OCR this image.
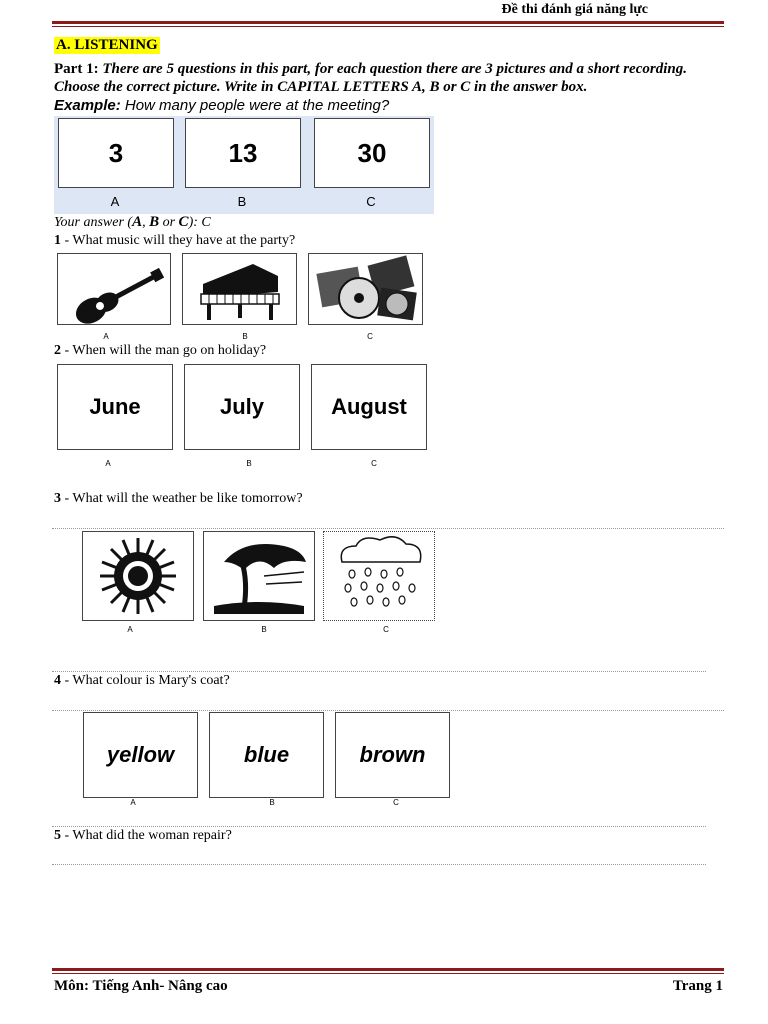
Đề thi đánh giá năng lực
A. LISTENING
Part 1: There are 5 questions in this part, for each question there are 3 pictures and a short recording. Choose the correct picture. Write in CAPITAL LETTERS A, B or C in the answer box.
Example: How many people were at the meeting?
3	13	30
A	B	C
Your answer (A, B or C): C
1 - What music will they have at the party?
A	B	C
2 - When will the man go on holiday?
June	July	August
A	B	C
3 - What will the weather be like tomorrow?
A	B	C
4 - What colour is Mary's coat?
yellow	blue	brown
A	B	C
5 - What did the woman repair?
Môn: Tiếng Anh- Nâng cao	Trang 1
